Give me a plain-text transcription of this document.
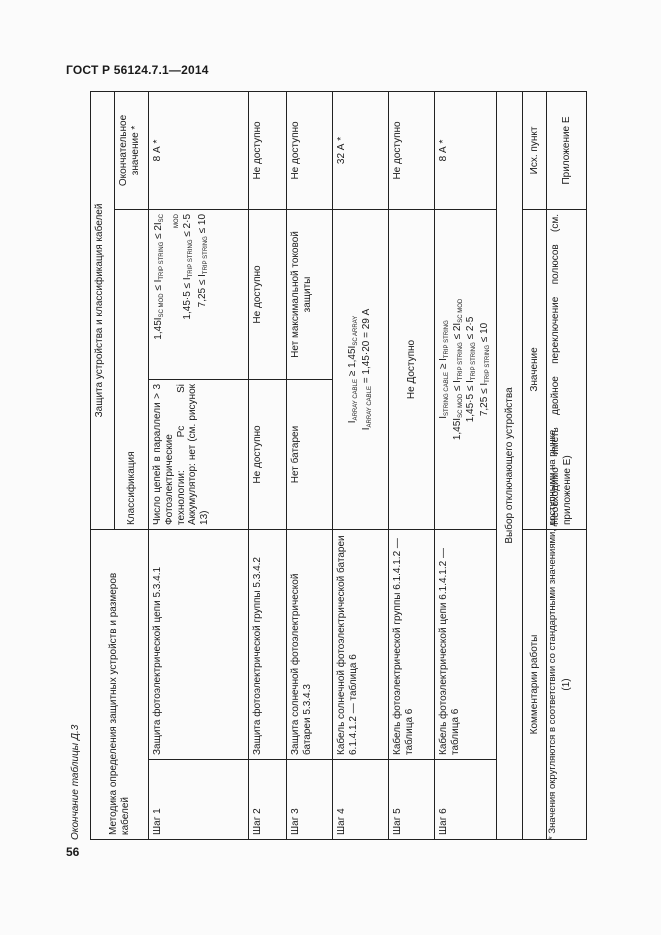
ГОСТ Р 56124.7.1—2014
56
Окончание таблицы Д.3	Методика определения защитных устройств и размеров кабелей		Защита устройства и классификация кабелей		
		Классификация		Окончательное значение *
Шаг 1	Защита фотоэлектрической цепи 5.3.4.1	Число цепей в параллели > 3 Фотоэлектрические технологии: Pc Si Аккумулятор: нет (см. рисунок 13)	$1,45I_{SC MOD} \le I_{TRIP STRING} \le 2I_{SC}$ $_{MOD}$
$1,45\cdot 5 \le I_{TRIP STRING} \le 2\cdot 5$
$7,25 \le I_{TRIP STRING} \le 10$	8 А *
Шаг 2	Защита фотоэлектрической группы 5.3.4.2	Не доступно	Не доступно	Не доступно
Шаг 3	Защита солнечной фотоэлектрической батареи 5.3.4.3	Нет батареи	Нет максимальной токовой защиты	Не доступно
Шаг 4	Кабель солнечной фотоэлектрической батареи 6.1.4.1.2 — таблица 6	$I_{ARRAY CABLE} \ge 1,45I_{SC ARRAY}$
$I_{ARRAY CABLE} = 1,45\cdot 20 = 29$ А		32 А *
Шаг 5	Кабель фотоэлектрической группы 6.1.4.1.2 — таблица 6	Не Доступно		Не доступно
Шаг 6	Кабель фотоэлектрической цепи 6.1.4.1.2 — таблица 6	$I_{STRING CABLE} \ge I_{TRIP STRING}$
$1,45I_{SC MOD} \le I_{TRIP STRING} \le 2I_{SC MOD}$
$1,45\cdot 5 \le I_{TRIP STRING} \le 2\cdot 5$
$7,25 \le I_{TRIP STRING} \le 10$		8 А *
Выбор отключающего устройства				
Комментарии работы		Значение		Исх. пункт
(1)		Необходимо иметь двойное переключение полюсов (см. приложение Е)		Приложение Е
* Значения округляются в соответствии со стандартными значениями, доступными на рынке.
